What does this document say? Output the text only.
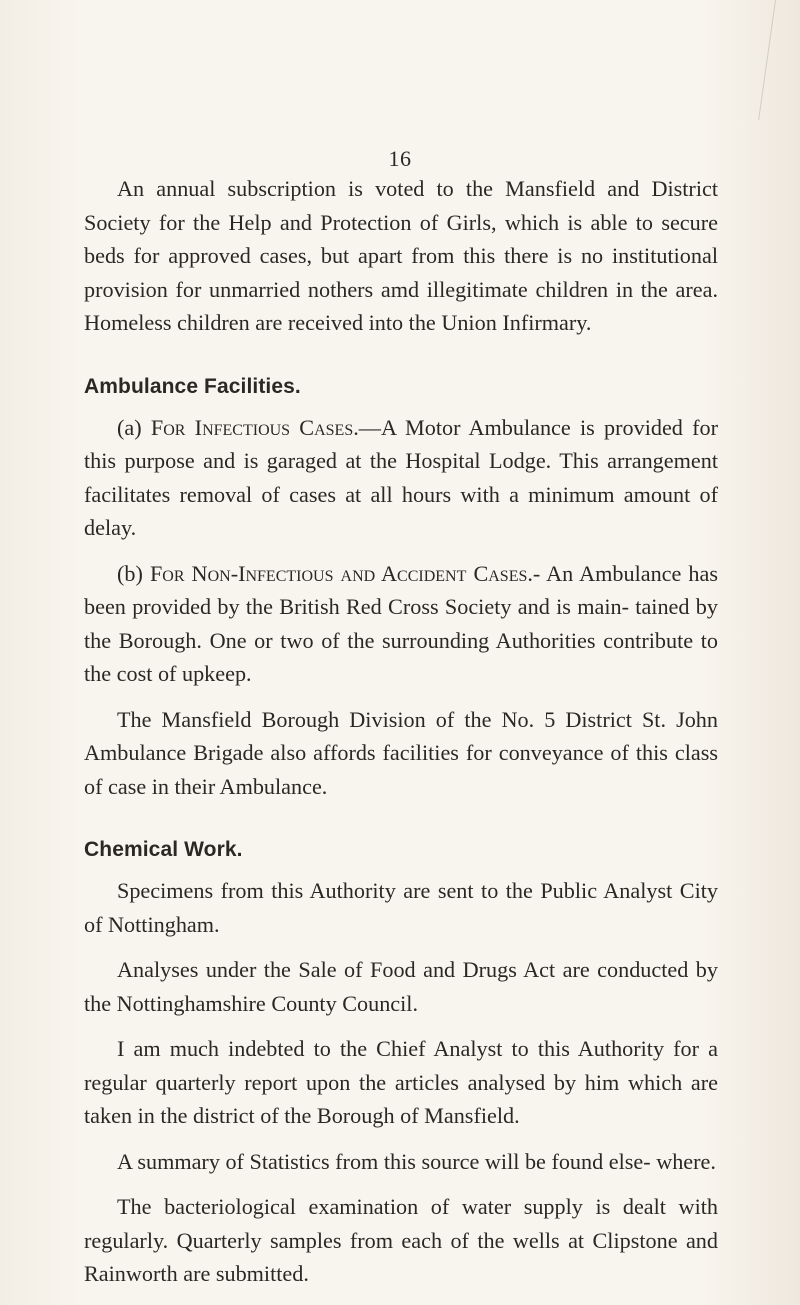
16

An annual subscription is voted to the Mansfield and District Society for the Help and Protection of Girls, which is able to secure beds for approved cases, but apart from this there is no institutional provision for unmarried nothers amd illegitimate children in the area. Homeless children are received into the Union Infirmary.

Ambulance Facilities.

(a) For Infectious Cases.—A Motor Ambulance is provided for this purpose and is garaged at the Hospital Lodge. This arrangement facilitates removal of cases at all hours with a minimum amount of delay.

(b) For Non-Infectious and Accident Cases.- An Ambulance has been provided by the British Red Cross Society and is main- tained by the Borough. One or two of the surrounding Authorities contribute to the cost of upkeep.

The Mansfield Borough Division of the No. 5 District St. John Ambulance Brigade also affords facilities for conveyance of this class of case in their Ambulance.

Chemical Work.

Specimens from this Authority are sent to the Public Analyst City of Nottingham.

Analyses under the Sale of Food and Drugs Act are conducted by the Nottinghamshire County Council.

I am much indebted to the Chief Analyst to this Authority for a regular quarterly report upon the articles analysed by him which are taken in the district of the Borough of Mansfield.

A summary of Statistics from this source will be found else- where.

The bacteriological examination of water supply is dealt with regularly. Quarterly samples from each of the wells at Clipstone and Rainworth are submitted.
